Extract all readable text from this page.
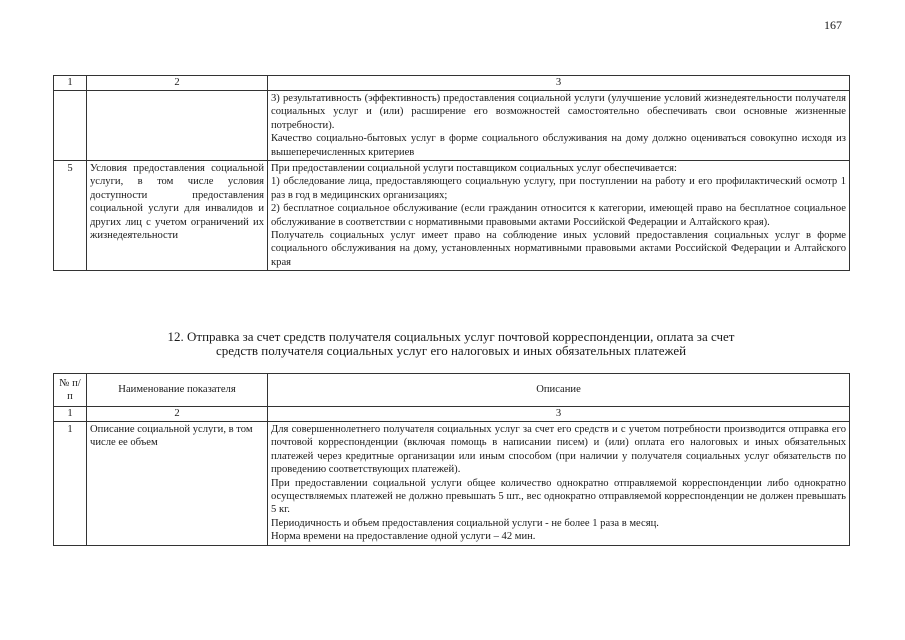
167
1	2	3

		3) результативность (эффективность) предоставления социальной услуги (улучшение условий жизнедеятельности получателя социальных услуг и (или) расширение его возможностей самостоятельно обеспечивать свои основные жизненные потребности).

Качество социально-бытовых услуг в форме социального обслуживания на дому должно оцениваться совокупно исходя из вышеперечисленных критериев

5	Условия предоставления социальной услуги, в том числе условия доступности предоставления социальной услуги для инвалидов и других лиц с учетом ограничений их жизнедеятельности	При предоставлении социальной услуги поставщиком социальных услуг обеспечивается:

1) обследование лица, предоставляющего социальную услугу, при поступлении на работу и его профилактический осмотр 1 раз в год в медицинских организациях;

2) бесплатное социальное обслуживание (если гражданин относится к категории, имеющей право на бесплатное социальное обслуживание в соответствии с нормативными правовыми актами Российской Федерации и Алтайского края).

Получатель социальных услуг имеет право на соблюдение иных условий предоставления социальных услуг в форме социального обслуживания на дому, установленных нормативными правовыми актами Российской Федерации и Алтайского края

12. Отправка за счет средств получателя социальных услуг почтовой корреспонденции, оплата за счет
средств получателя социальных услуг его налоговых и иных обязательных платежей
№ п/п	Наименование показателя	Описание
1	2	3
1	Описание социальной услуги, в том числе ее объем	Для совершеннолетнего получателя социальных услуг за счет его средств и с учетом потребности производится отправка его почтовой корреспонденции (включая помощь в написании писем) и (или) оплата его налоговых и иных обязательных платежей через кредитные организации или иным способом (при наличии у получателя социальных услуг обязательств по проведению соответствующих платежей).

При предоставлении социальной услуги общее количество однократно отправляемой корреспонденции либо однократно осуществляемых платежей не должно превышать 5 шт., вес однократно отправляемой корреспонденции не должен превышать 5 кг.

Периодичность и объем предоставления социальной услуги - не более 1 раза в месяц.

Норма времени на предоставление одной услуги – 42 мин.
